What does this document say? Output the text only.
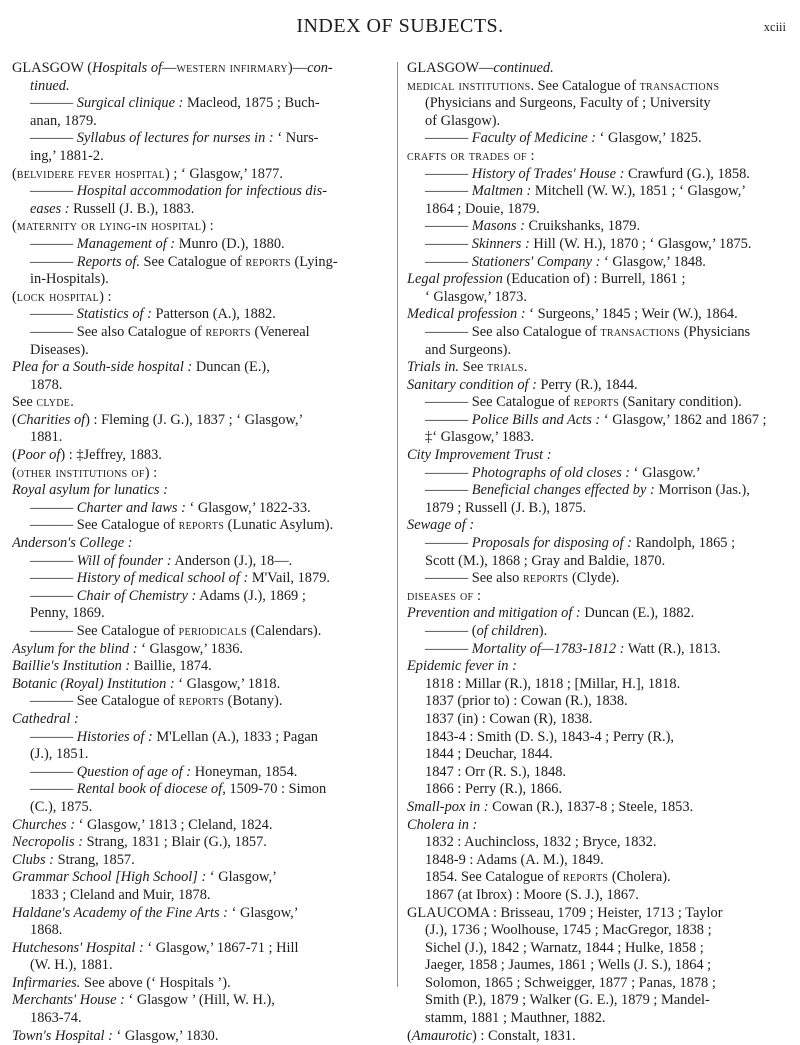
INDEX OF SUBJECTS.	xciii
GLASGOW (Hospitals of—western infirmary)—con-
tinued.
——— Surgical clinique : Macleod, 1875 ; Buch-
anan, 1879.
——— Syllabus of lectures for nurses in : ‘ Nurs-
ing,’ 1881-2.
(belvidere fever hospital) ; ‘ Glasgow,’ 1877.
——— Hospital accommodation for infectious dis-
eases : Russell (J. B.), 1883.
(maternity or lying-in hospital) :
——— Management of : Munro (D.), 1880.
——— Reports of. See Catalogue of reports (Lying-
in-Hospitals).
(lock hospital) :
——— Statistics of : Patterson (A.), 1882.
——— See also Catalogue of reports (Venereal
Diseases).
Plea for a South-side hospital : Duncan (E.),
1878.
See clyde.
(Charities of) : Fleming (J. G.), 1837 ; ‘ Glasgow,’
1881.
(Poor of) : ‡Jeffrey, 1883.
(other institutions of) :
Royal asylum for lunatics :
——— Charter and laws : ‘ Glasgow,’ 1822-33.
——— See Catalogue of reports (Lunatic Asylum).
Anderson's College :
——— Will of founder : Anderson (J.), 18—.
——— History of medical school of : M'Vail, 1879.
——— Chair of Chemistry : Adams (J.), 1869 ;
Penny, 1869.
——— See Catalogue of periodicals (Calendars).
Asylum for the blind : ‘ Glasgow,’ 1836.
Baillie's Institution : Baillie, 1874.
Botanic (Royal) Institution : ‘ Glasgow,’ 1818.
——— See Catalogue of reports (Botany).
Cathedral :
——— Histories of : M'Lellan (A.), 1833 ; Pagan
(J.), 1851.
——— Question of age of : Honeyman, 1854.
——— Rental book of diocese of, 1509-70 : Simon
(C.), 1875.
Churches : ‘ Glasgow,’ 1813 ; Cleland, 1824.
Necropolis : Strang, 1831 ; Blair (G.), 1857.
Clubs : Strang, 1857.
Grammar School [High School] : ‘ Glasgow,’
1833 ; Cleland and Muir, 1878.
Haldane's Academy of the Fine Arts : ‘ Glasgow,’
1868.
Hutchesons' Hospital : ‘ Glasgow,’ 1867-71 ; Hill
(W. H.), 1881.
Infirmaries. See above (‘ Hospitals ’).
Merchants' House : ‘ Glasgow ’ (Hill, W. H.),
1863-74.
Town's Hospital : ‘ Glasgow,’ 1830.
GLASGOW—continued.
medical institutions. See Catalogue of transactions
(Physicians and Surgeons, Faculty of ; University
of Glasgow).
——— Faculty of Medicine : ‘ Glasgow,’ 1825.
crafts or trades of :
——— History of Trades' House : Crawfurd (G.), 1858.
——— Maltmen : Mitchell (W. W.), 1851 ; ‘ Glasgow,’
1864 ; Douie, 1879.
——— Masons : Cruikshanks, 1879.
——— Skinners : Hill (W. H.), 1870 ; ‘ Glasgow,’ 1875.
——— Stationers' Company : ‘ Glasgow,’ 1848.
Legal profession (Education of) : Burrell, 1861 ;
‘ Glasgow,’ 1873.
Medical profession : ‘ Surgeons,’ 1845 ; Weir (W.), 1864.
——— See also Catalogue of transactions (Physicians
and Surgeons).
Trials in. See trials.
Sanitary condition of : Perry (R.), 1844.
——— See Catalogue of reports (Sanitary condition).
——— Police Bills and Acts : ‘ Glasgow,’ 1862 and 1867 ;
‡‘ Glasgow,’ 1883.
City Improvement Trust :
——— Photographs of old closes : ‘ Glasgow.’
——— Beneficial changes effected by : Morrison (Jas.),
1879 ; Russell (J. B.), 1875.
Sewage of :
——— Proposals for disposing of : Randolph, 1865 ;
Scott (M.), 1868 ; Gray and Baldie, 1870.
——— See also reports (Clyde).
diseases of :
Prevention and mitigation of : Duncan (E.), 1882.
——— (of children).
——— Mortality of—1783-1812 : Watt (R.), 1813.
Epidemic fever in :
1818 : Millar (R.), 1818 ; [Millar, H.], 1818.
1837 (prior to) : Cowan (R.), 1838.
1837 (in) : Cowan (R), 1838.
1843-4 : Smith (D. S.), 1843-4 ; Perry (R.),
1844 ; Deuchar, 1844.
1847 : Orr (R. S.), 1848.
1866 : Perry (R.), 1866.
Small-pox in : Cowan (R.), 1837-8 ; Steele, 1853.
Cholera in :
1832 : Auchincloss, 1832 ; Bryce, 1832.
1848-9 : Adams (A. M.), 1849.
1854. See Catalogue of reports (Cholera).
1867 (at Ibrox) : Moore (S. J.), 1867.
GLAUCOMA : Brisseau, 1709 ; Heister, 1713 ; Taylor
(J.), 1736 ; Woolhouse, 1745 ; MacGregor, 1838 ;
Sichel (J.), 1842 ; Warnatz, 1844 ; Hulke, 1858 ;
Jaeger, 1858 ; Jaumes, 1861 ; Wells (J. S.), 1864 ;
Solomon, 1865 ; Schweigger, 1877 ; Panas, 1878 ;
Smith (P.), 1879 ; Walker (G. E.), 1879 ; Mandel-
stamm, 1881 ; Mauthner, 1882.
(Amaurotic) : Constalt, 1831.
